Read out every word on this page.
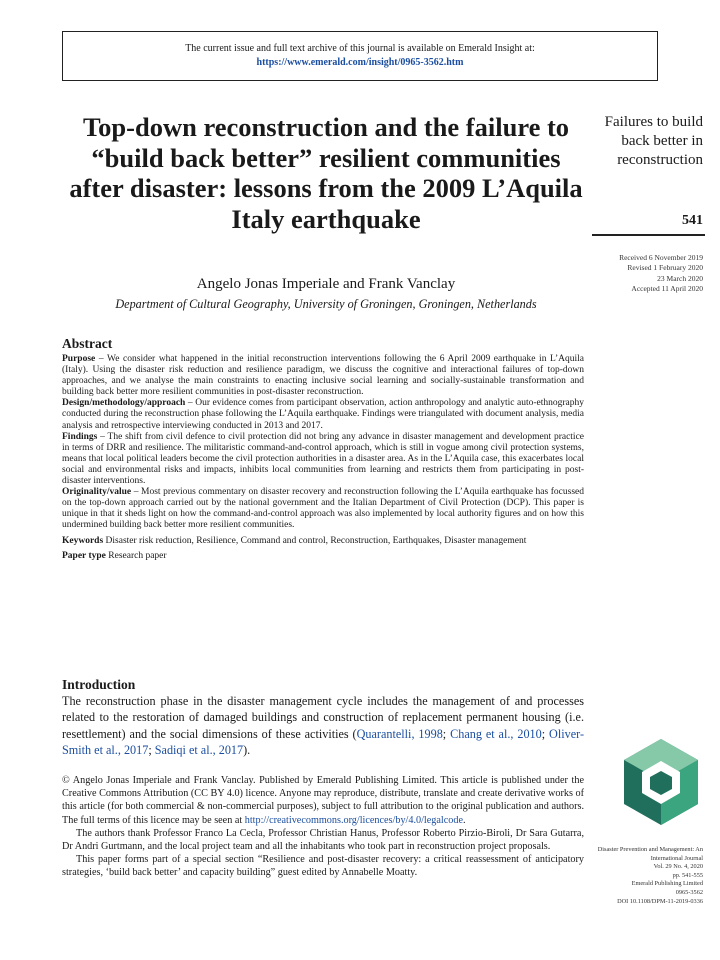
The current issue and full text archive of this journal is available on Emerald Insight at:
https://www.emerald.com/insight/0965-3562.htm
Top-down reconstruction and the failure to “build back better” resilient communities after disaster: lessons from the 2009 L’Aquila Italy earthquake
Angelo Jonas Imperiale and Frank Vanclay
Department of Cultural Geography, University of Groningen, Groningen, Netherlands
Failures to build back better in reconstruction
541
Received 6 November 2019
Revised 1 February 2020
23 March 2020
Accepted 11 April 2020
Abstract

Purpose – We consider what happened in the initial reconstruction interventions following the 6 April 2009 earthquake in L’Aquila (Italy). Using the disaster risk reduction and resilience paradigm, we discuss the cognitive and interactional failures of top-down approaches, and we analyse the main constraints to enacting inclusive social learning and socially-sustainable transformation and building back better more resilient communities in post-disaster reconstruction.

Design/methodology/approach – Our evidence comes from participant observation, action anthropology and analytic auto-ethnography conducted during the reconstruction phase following the L’Aquila earthquake. Findings were triangulated with document analysis, media analysis and retrospective interviewing conducted in 2013 and 2017.

Findings – The shift from civil defence to civil protection did not bring any advance in disaster management and development practice in terms of DRR and resilience. The militaristic command-and-control approach, which is still in vogue among civil protection systems, means that local political leaders become the civil protection authorities in a disaster area. As in the L’Aquila case, this exacerbates local social and environmental risks and impacts, inhibits local communities from learning and restricts them from participating in post-disaster interventions.

Originality/value – Most previous commentary on disaster recovery and reconstruction following the L’Aquila earthquake has focussed on the top-down approach carried out by the national government and the Italian Department of Civil Protection (DCP). This paper is unique in that it sheds light on how the command-and-control approach was also implemented by local authority figures and on how this undermined building back better more resilient communities.

Keywords Disaster risk reduction, Resilience, Command and control, Reconstruction, Earthquakes, Disaster management

Paper type Research paper

Introduction

The reconstruction phase in the disaster management cycle includes the management of and processes related to the restoration of damaged buildings and construction of replacement permanent housing (i.e. resettlement) and the social dimensions of these activities (Quarantelli, 1998; Chang et al., 2010; Oliver-Smith et al., 2017; Sadiqi et al., 2017).

© Angelo Jonas Imperiale and Frank Vanclay. Published by Emerald Publishing Limited. This article is published under the Creative Commons Attribution (CC BY 4.0) licence. Anyone may reproduce, distribute, translate and create derivative works of this article (for both commercial & non-commercial purposes), subject to full attribution to the original publication and authors. The full terms of this licence may be seen at http://creativecommons.org/licences/by/4.0/legalcode.

The authors thank Professor Franco La Cecla, Professor Christian Hanus, Professor Roberto Pirzio-Biroli, Dr Sara Gutarra, Dr Andri Gurtmann, and the local project team and all the inhabitants who took part in reconstruction project proposals.

This paper forms part of a special section “Resilience and post-disaster recovery: a critical reassessment of anticipatory strategies, ‘build back better’ and capacity building” guest edited by Annabelle Moatty.

Disaster Prevention and Management: An International Journal
Vol. 29 No. 4, 2020
pp. 541-555
Emerald Publishing Limited
0965-3562
DOI 10.1108/DPM-11-2019-0336
